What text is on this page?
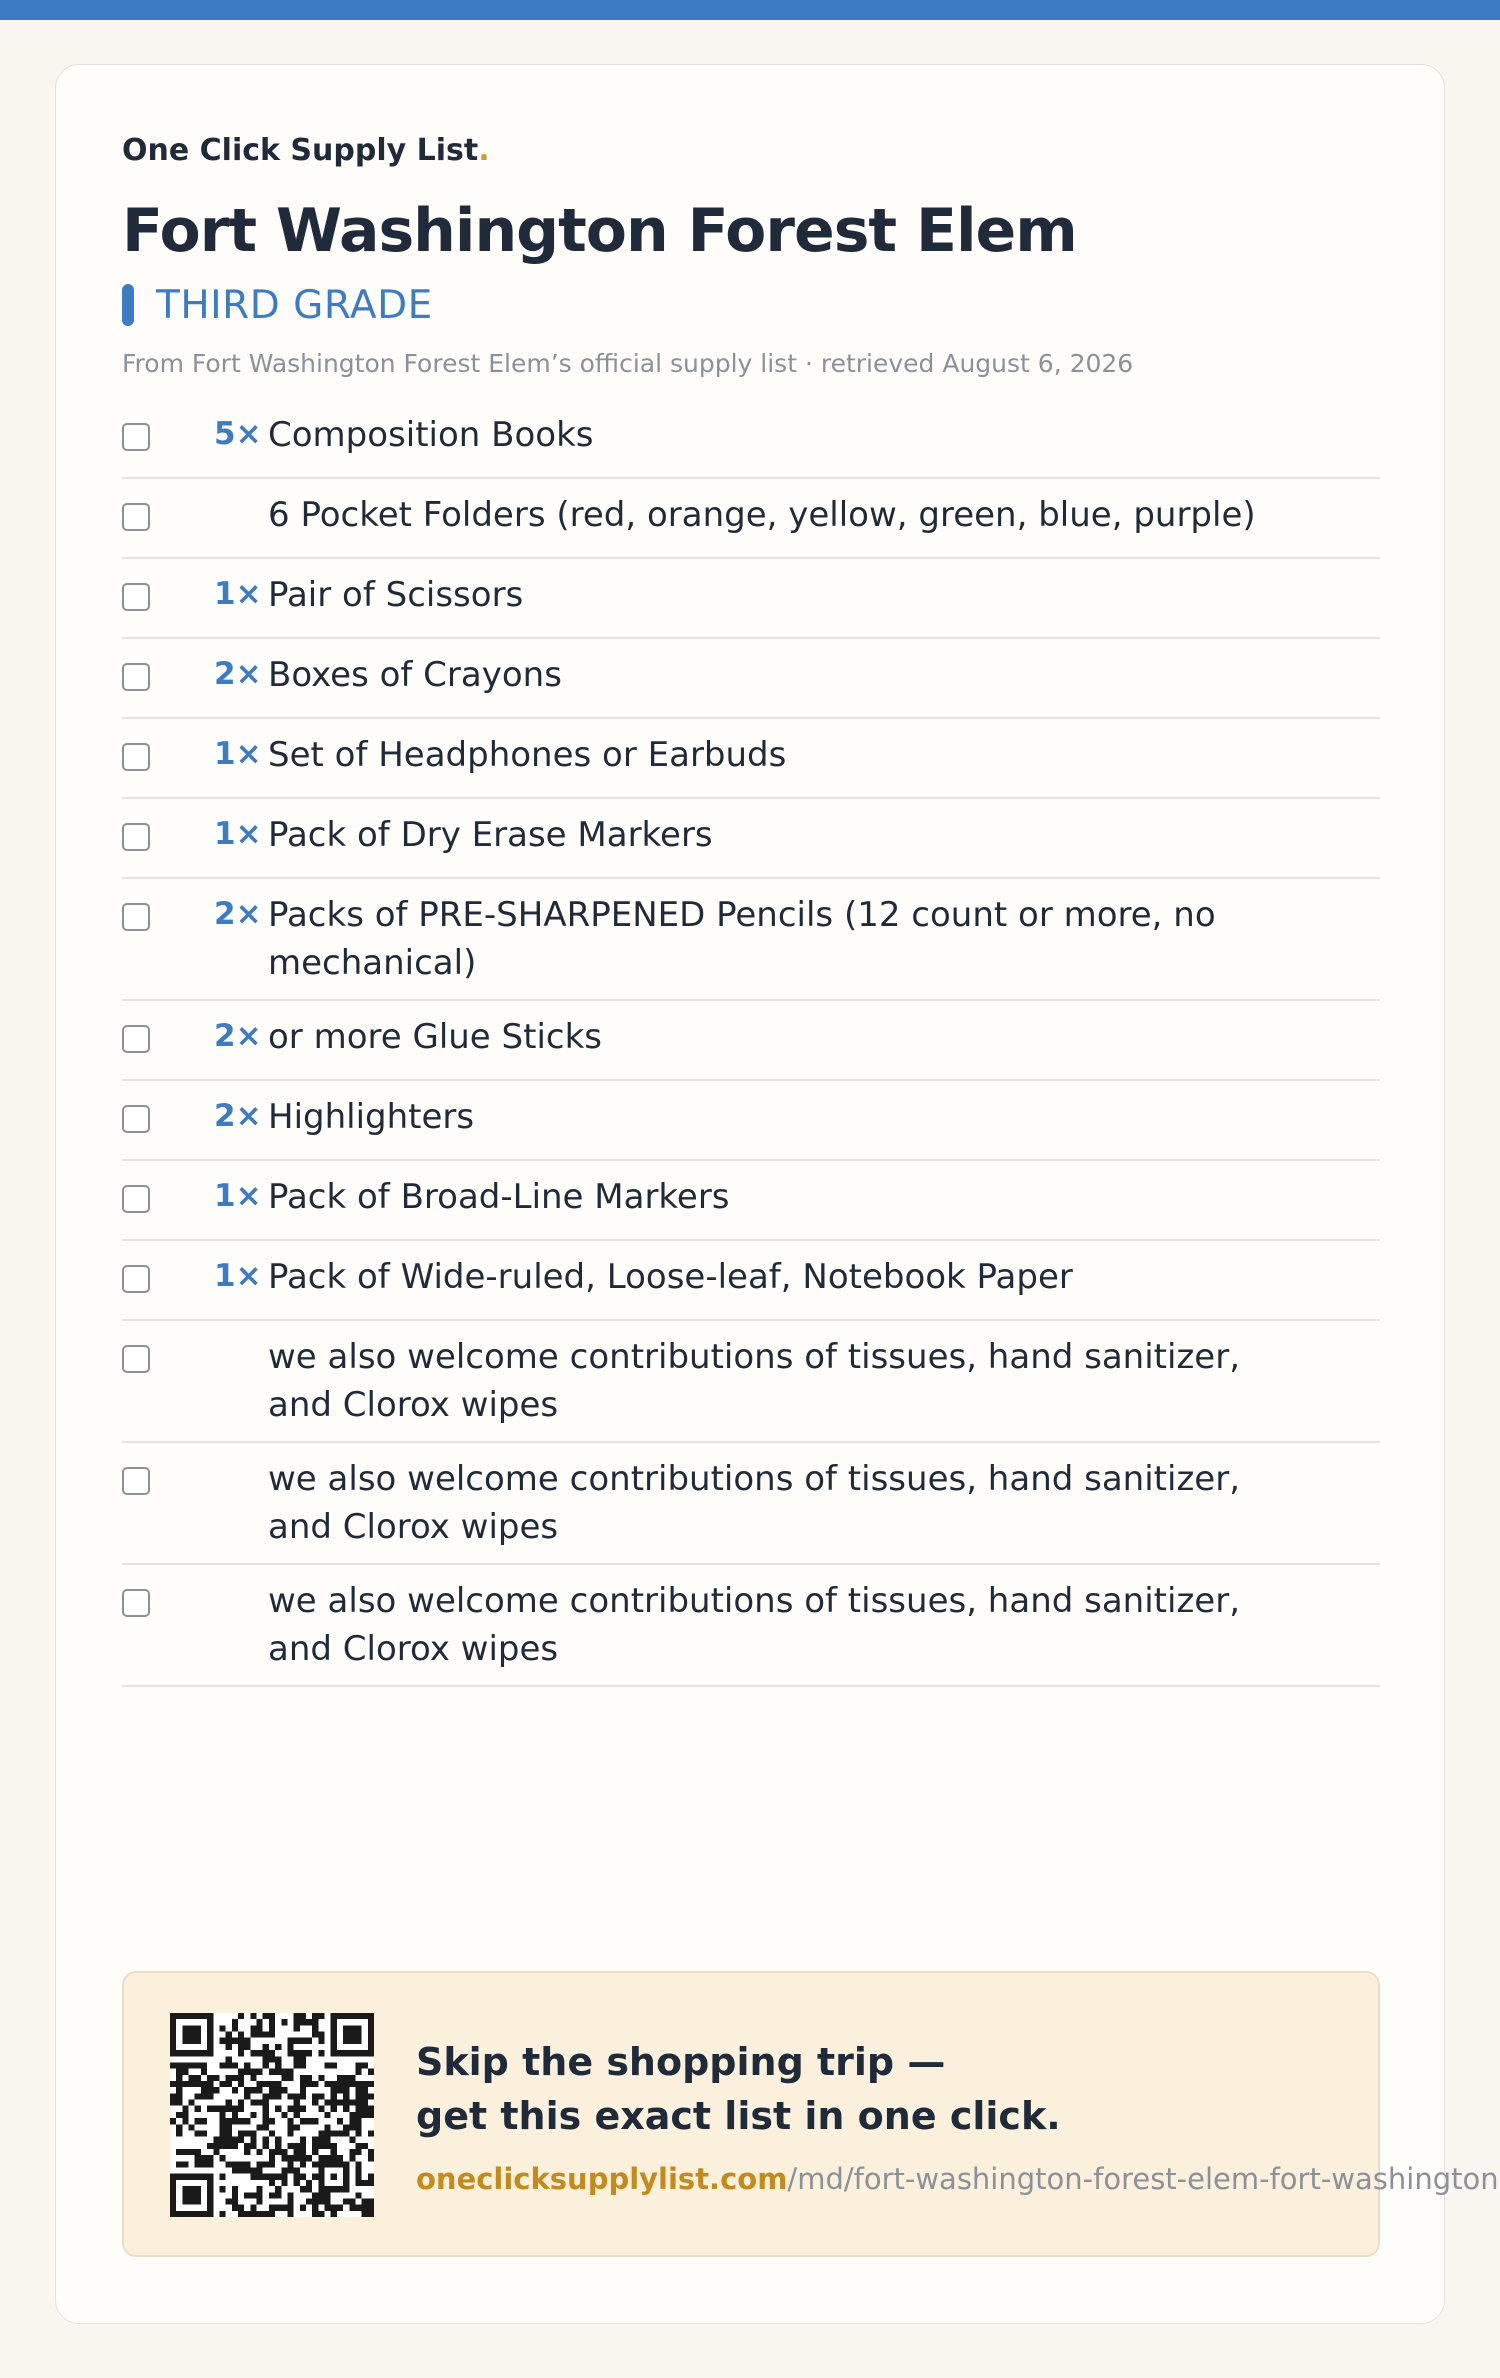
One Click Supply List.
Fort Washington Forest Elem
THIRD GRADE
From Fort Washington Forest Elem’s official supply list · retrieved August 6, 2026
5× Composition Books
6 Pocket Folders (red, orange, yellow, green, blue, purple)
1× Pair of Scissors
2× Boxes of Crayons
1× Set of Headphones or Earbuds
1× Pack of Dry Erase Markers
2× Packs of PRE-SHARPENED Pencils (12 count or more, no mechanical)
2× or more Glue Sticks
2× Highlighters
1× Pack of Broad-Line Markers
1× Pack of Wide-ruled, Loose-leaf, Notebook Paper
we also welcome contributions of tissues, hand sanitizer, and Clorox wipes
we also welcome contributions of tissues, hand sanitizer, and Clorox wipes
we also welcome contributions of tissues, hand sanitizer, and Clorox wipes
Skip the shopping trip —
get this exact list in one click.
oneclicksupplylist.com/md/fort-washington-forest-elem-fort-washington
